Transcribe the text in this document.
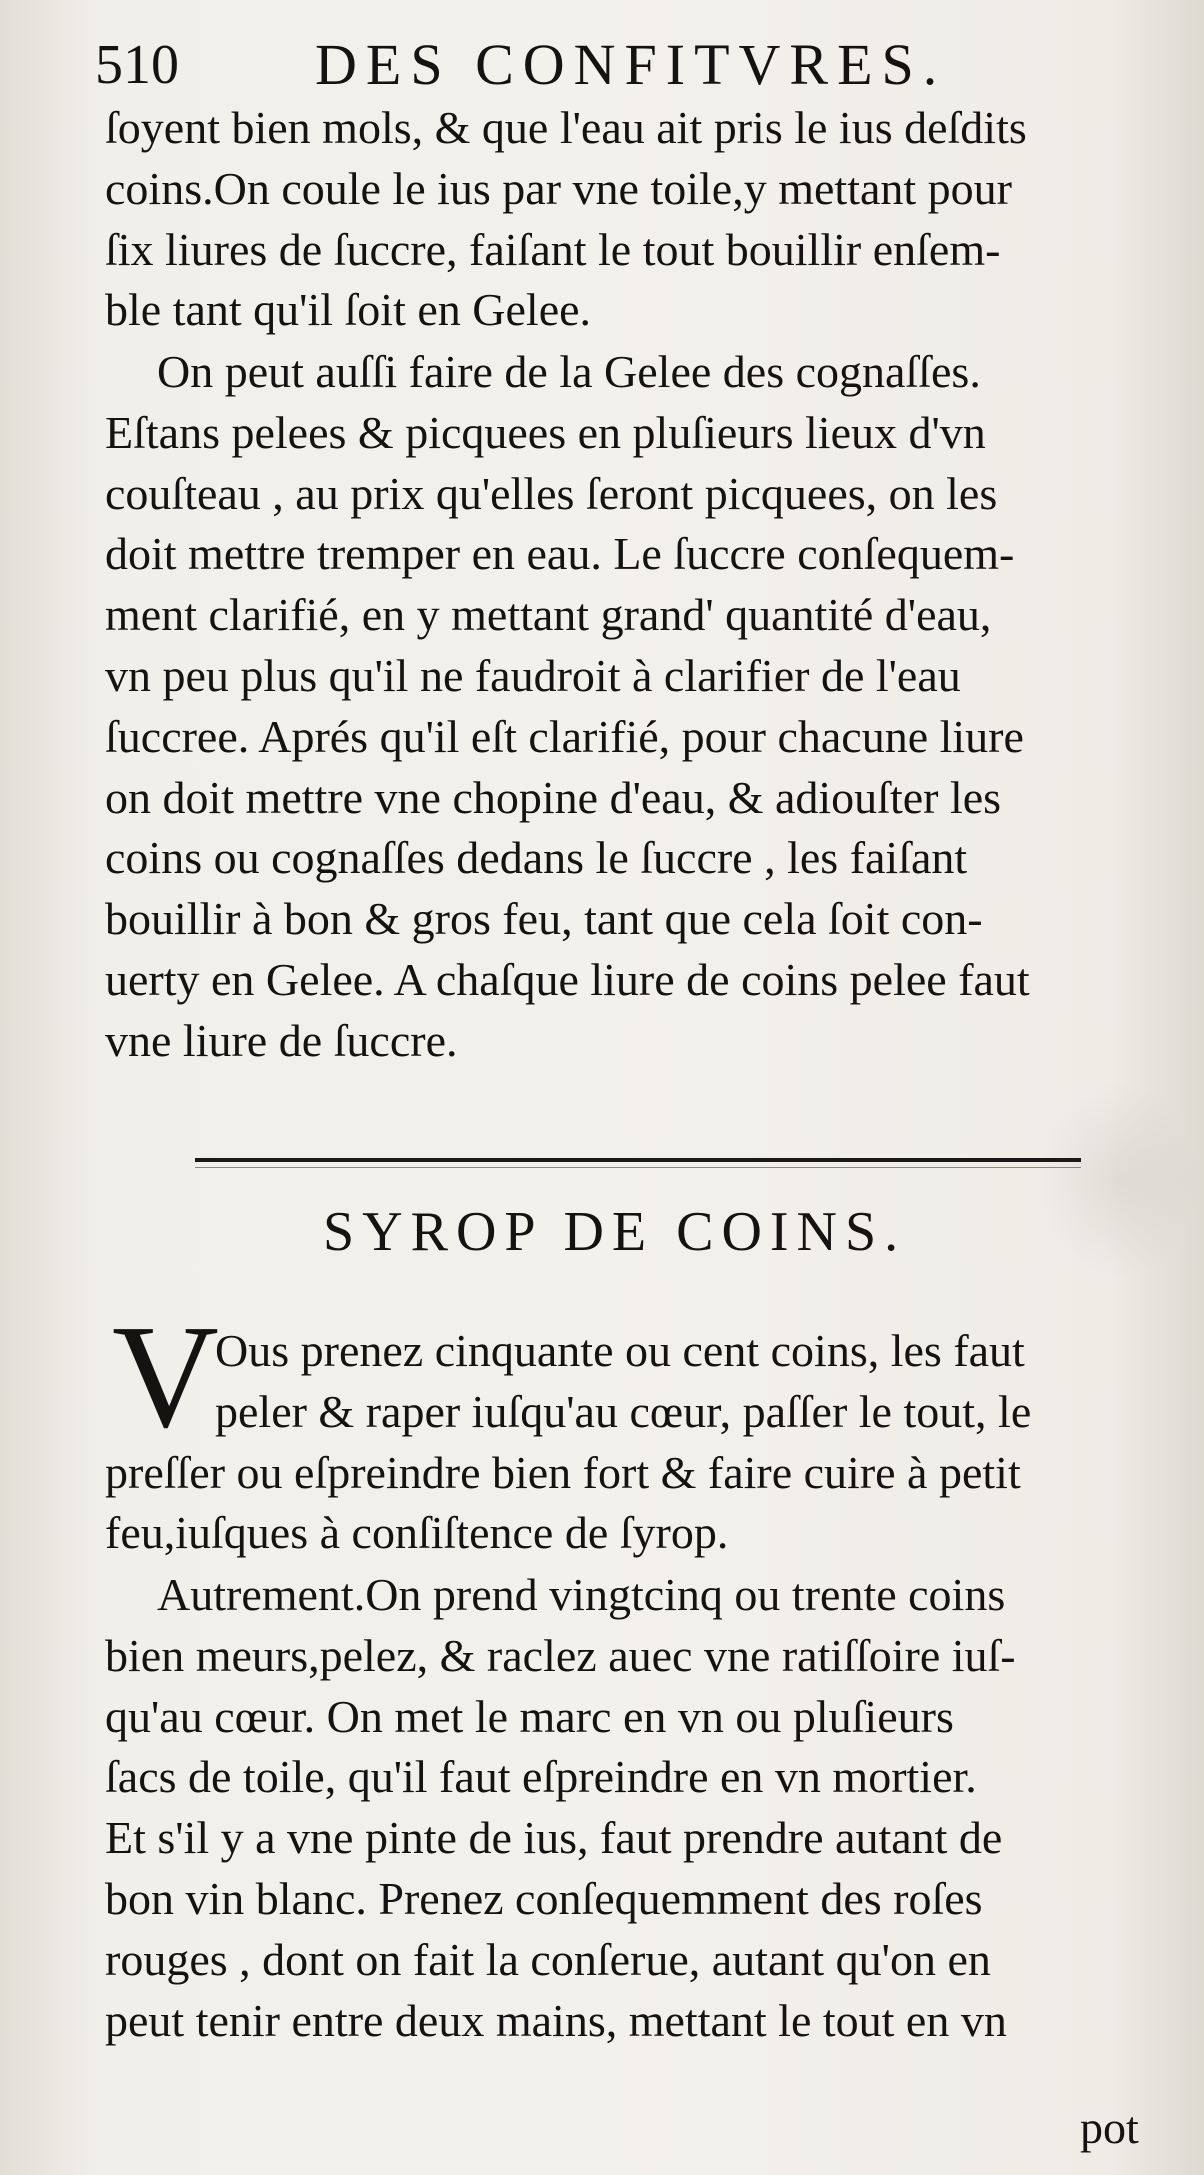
510 DES CONFITVRES.
ſoyent bien mols, & que l'eau ait pris le ius deſdits
coins.On coule le ius par vne toile,y mettant pour
ſix liures de ſuccre, faiſant le tout bouillir enſem-
ble tant qu'il ſoit en Gelee.
On peut auſſi faire de la Gelee des cognaſſes.
Eſtans pelees & picquees en pluſieurs lieux d'vn
couſteau , au prix qu'elles ſeront picquees, on les
doit mettre tremper en eau. Le ſuccre conſequem-
ment clarifié, en y mettant grand' quantité d'eau,
vn peu plus qu'il ne faudroit à clarifier de l'eau
ſuccree. Aprés qu'il eſt clarifié, pour chacune liure
on doit mettre vne chopine d'eau, & adiouſter les
coins ou cognaſſes dedans le ſuccre , les faiſant
bouillir à bon & gros feu, tant que cela ſoit con-
uerty en Gelee. A chaſque liure de coins pelee faut
vne liure de ſuccre.
SYROP DE COINS.
V
Ous prenez cinquante ou cent coins, les faut
peler & raper iuſqu'au cœur, paſſer le tout, le
preſſer ou eſpreindre bien fort & faire cuire à petit
feu,iuſques à conſiſtence de ſyrop.
Autrement.On prend vingtcinq ou trente coins
bien meurs,pelez, & raclez auec vne ratiſſoire iuſ-
qu'au cœur. On met le marc en vn ou pluſieurs
ſacs de toile, qu'il faut eſpreindre en vn mortier.
Et s'il y a vne pinte de ius, faut prendre autant de
bon vin blanc. Prenez conſequemment des roſes
rouges , dont on fait la conſerue, autant qu'on en
peut tenir entre deux mains, mettant le tout en vn
pot
